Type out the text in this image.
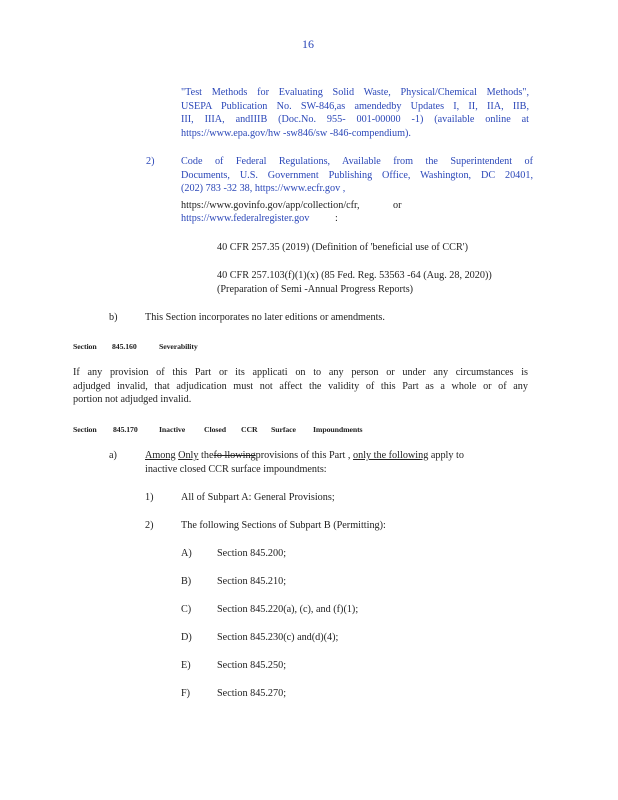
16
"Test Methods for Evaluating Solid Waste, Physical/Chemical Methods",
USEPA Publication No. SW-846,as amendedby Updates I, II, IIA, IIB,
III, IIIA, andIIIB (Doc.No. 955- 001-00000 -1) (available online at
https://www.epa.gov/hw -sw846/sw -846-compendium).
2)	Code of Federal Regulations, Available from the Superintendent of
Documents, U.S. Government Publishing Office, Washington, DC 20401,
(202) 783 -32 38, https://www.ecfr.gov ,
https://www.govinfo.gov/app/collection/cfr,	or
https://www.federalregister.gov	:
40 CFR 257.35 (2019) (Definition of 'beneficial use of CCR')
40 CFR 257.103(f)(1)(x) (85 Fed. Reg. 53563 -64 (Aug. 28, 2020))
(Preparation of Semi -Annual Progress Reports)
b)	This Section incorporates no later editions or amendments.
Section 845.160	Severability
If any provision of this Part or its applicati on to any person or under any circumstances is
adjudged invalid, that adjudication must not affect the validity of this Part as a whole or of any
portion not adjudged invalid.
Section 845.170	Inactive Closed CCR Surface Impoundments
a)	Among Only thefo llowingprovisions of this Part , only the following apply to
inactive closed CCR surface impoundments:
1)	All of Subpart A: General Provisions;
2)	The following Sections of Subpart B (Permitting):
A) Section 845.200;
B)	Section 845.210;
C)	Section 845.220(a), (c), and (f)(1);
D) Section 845.230(c) and(d)(4);
E)	Section 845.250;
F)	Section 845.270;
